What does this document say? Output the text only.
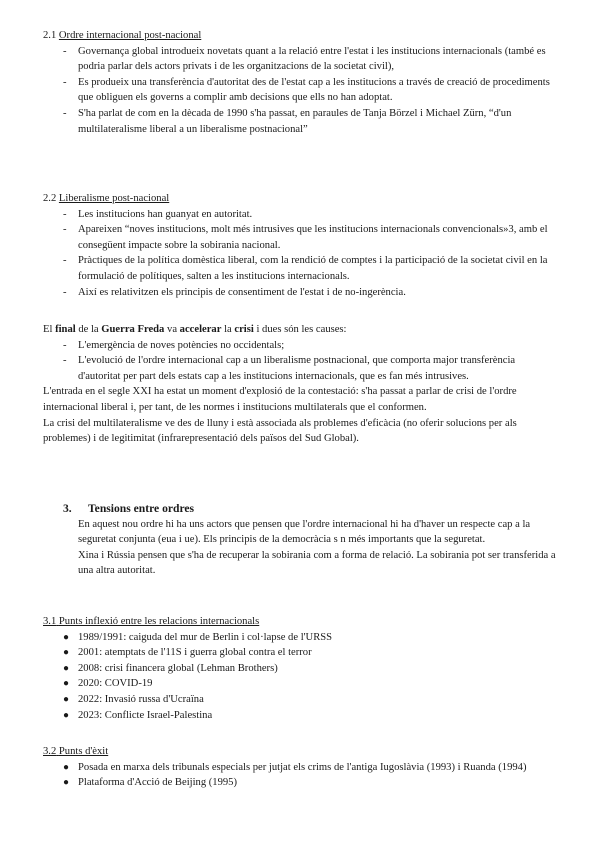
2.1 Ordre internacional post-nacional
- Governança global introdueix novetats quant a la relació entre l'estat i les institucions internacionals (també es podria parlar dels actors privats i de les organitzacions de la societat civil),
- Es produeix una transferència d'autoritat des de l'estat cap a les institucions a través de creació de procediments que obliguen els governs a complir amb decisions que ells no han adoptat.
- S'ha parlat de com en la dècada de 1990 s'ha passat, en paraules de Tanja Börzel i Michael Zürn, “d'un multilateralisme liberal a un liberalisme postnacional”
2.2 Liberalisme post-nacional
- Les institucions han guanyat en autoritat.
- Apareixen “noves institucions, molt més intrusives que les institucions internacionals convencionals»3, amb el consegüent impacte sobre la sobirania nacional.
- Pràctiques de la política domèstica liberal, com la rendició de comptes i la participació de la societat civil en la formulació de polítiques, salten a les institucions internacionals.
- Així es relativitzen els principis de consentiment de l'estat i de no-ingerència.
El final de la Guerra Freda va accelerar la crisi i dues són les causes:
- L'emergència de noves potències no occidentals;
- L'evolució de l'ordre internacional cap a un liberalisme postnacional, que comporta major transferència d'autoritat per part dels estats cap a les institucions internacionals, que es fan més intrusives.
L'entrada en el segle XXI ha estat un moment d'explosió de la contestació: s'ha passat a parlar de crisi de l'ordre internacional liberal i, per tant, de les normes i institucions multilaterals que el conformen.
La crisi del multilateralisme ve des de lluny i està associada als problemes d'eficàcia (no oferir solucions per als problemes) i de legitimitat (infrarepresentació dels països del Sud Global).
3. Tensions entre ordres
En aquest nou ordre hi ha uns actors que pensen que l'ordre internacional hi ha d'haver un respecte cap a la seguretat conjunta (eua i ue). Els principis de la democràcia s n més importants que la seguretat.
Xina i Rússia pensen que s'ha de recuperar la sobirania com a forma de relació. La sobirania pot ser transferida a una altra autoritat.
3.1 Punts inflexió entre les relacions internacionals
● 1989/1991: caiguda del mur de Berlin i col·lapse de l'URSS
● 2001: atemptats de l'11S i guerra global contra el terror
● 2008: crisi financera global (Lehman Brothers)
● 2020: COVID-19
● 2022: Invasió russa d'Ucraïna
● 2023: Conflicte Israel-Palestina
3.2 Punts d'èxit
● Posada en marxa dels tribunals especials per jutjat els crims de l'antiga Iugoslàvia (1993) i Ruanda (1994)
● Plataforma d'Acció de Beijing (1995)
